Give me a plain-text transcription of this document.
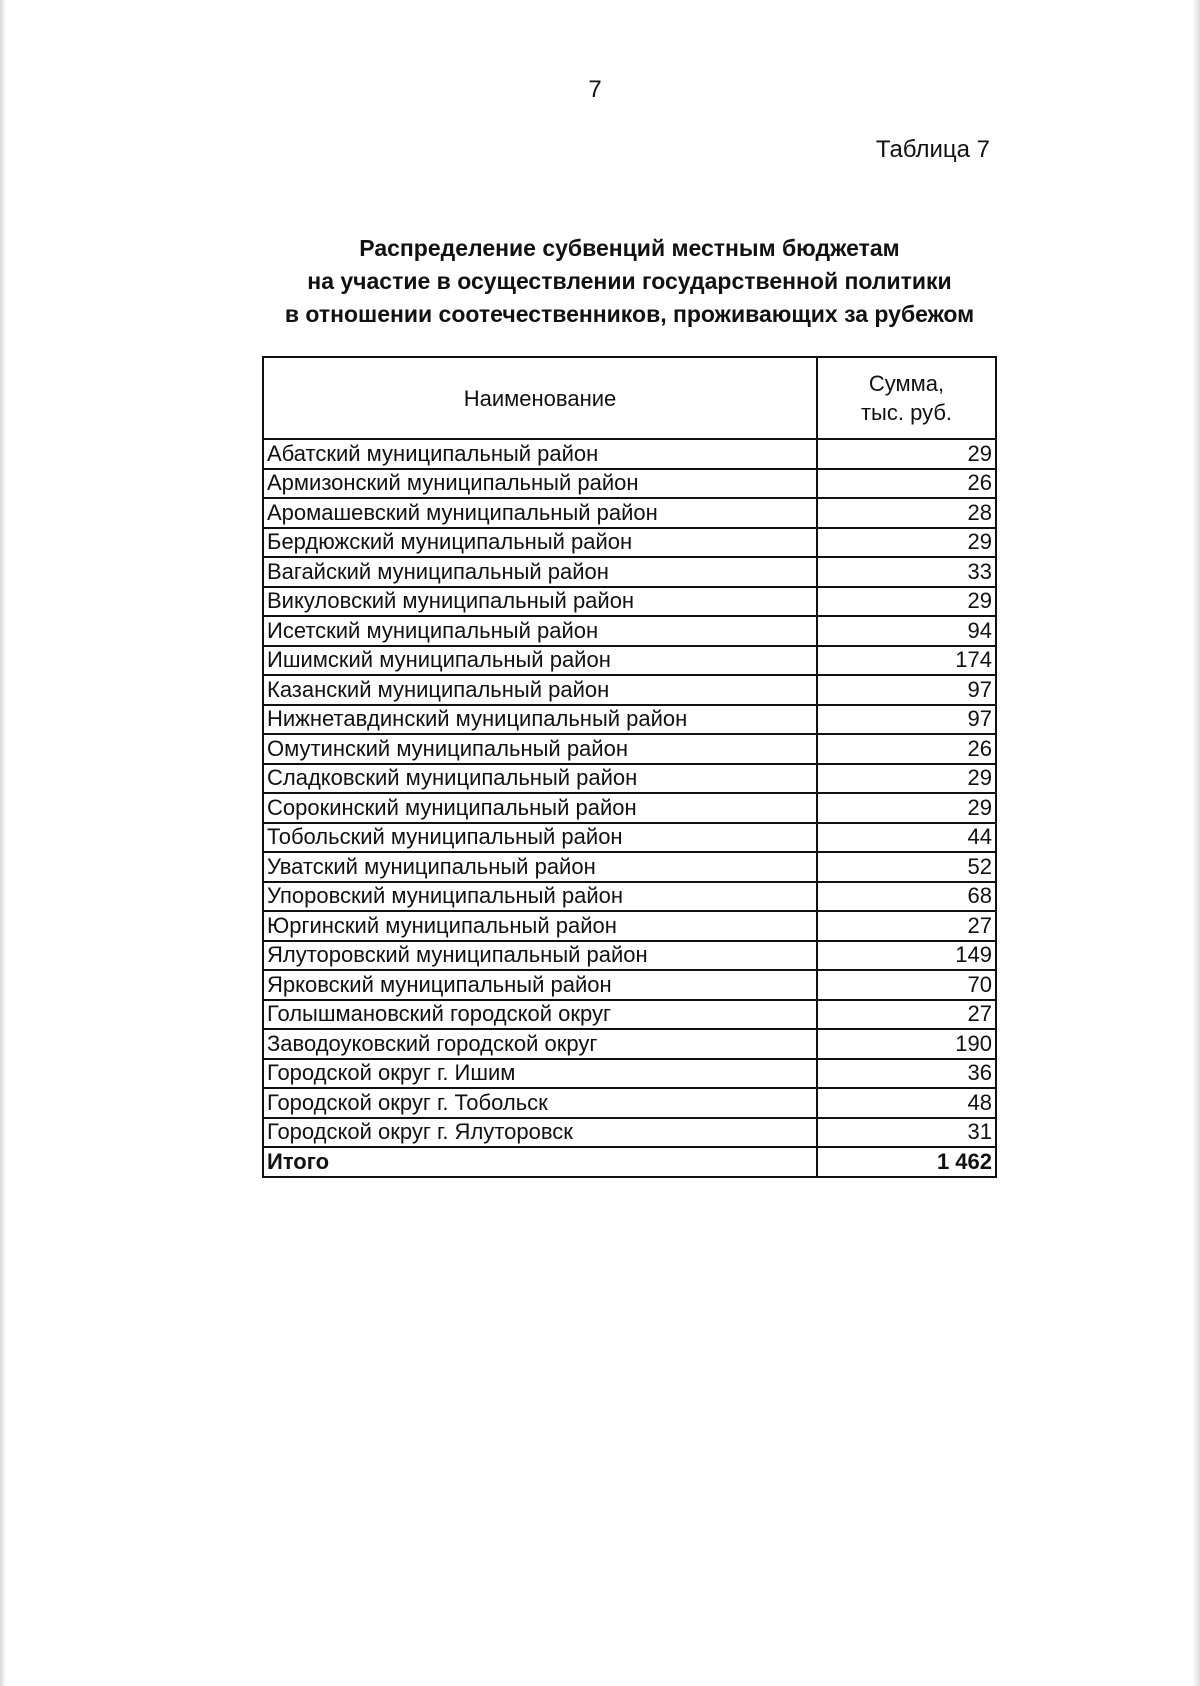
7
Таблица 7
Распределение субвенций местным бюджетам
на участие в осуществлении государственной политики
в отношении соотечественников, проживающих за рубежом
Наименование	Сумма,
тыс. руб.
Абатский муниципальный район	29
Армизонский муниципальный район	26
Аромашевский муниципальный район	28
Бердюжский муниципальный район	29
Вагайский муниципальный район	33
Викуловский муниципальный район	29
Исетский муниципальный район	94
Ишимский муниципальный район	174
Казанский муниципальный район	97
Нижнетавдинский муниципальный район	97
Омутинский муниципальный район	26
Сладковский муниципальный район	29
Сорокинский муниципальный район	29
Тобольский муниципальный район	44
Уватский муниципальный район	52
Упоровский муниципальный район	68
Юргинский муниципальный район	27
Ялуторовский муниципальный район	149
Ярковский муниципальный район	70
Голышмановский городской округ	27
Заводоуковский городской округ	190
Городской округ г. Ишим	36
Городской округ г. Тобольск	48
Городской округ г. Ялуторовск	31
Итого	1 462
